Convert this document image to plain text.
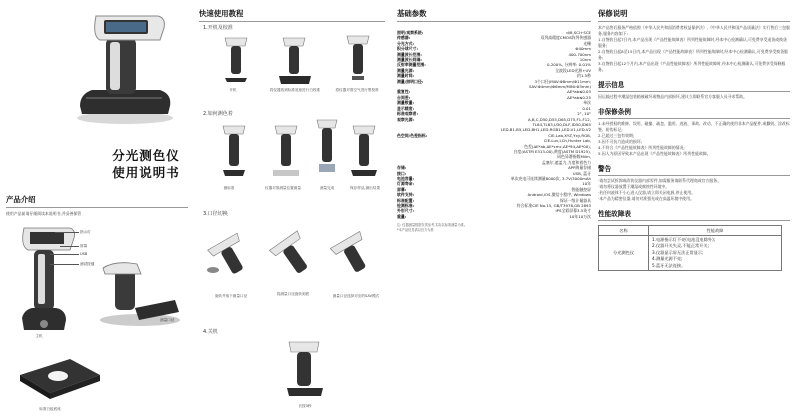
分光测色仪
使用说明书
产品介绍
使用产品前请仔细阅读本说明书,并妥善保管
指示灯
屏幕
USB
测试按键
测量口径
主机
标准白板底座
快速使用教程
1.开机及校准
开机	将仪器放到标准底座进行白校准	将仪器对准空气进行黑校准
2.如何测色着
测标准	仪器对准测量位置测量	测量完成	保存样品,测出结果
3.口径切换
旋转并取下测量口径	将测量口径旋转到底	测量口径选择对应的SAV模式
4.关机
长按3秒
基础参数
照明/观察系统:	d/8,SCI+SCE
传感器:	双列高精度CMOS阵列传感器
分光方式:	光栅
积分球尺寸:	Φ40mm
测量波长范围:	400-700nm
测量波长间隔:	10nm
反射率测量范围:	0-200%, 分辨率: 0.01%
测量光源:	全波段LED光源+UV
测量时间:	约1.5秒
测量/照明口径:	3个口径(MAV:Φ8mm/Φ11mm;
SAV:Φ4mm/Φ6mm/MINI:Φ3mm)
重复性:	ΔE*ab≤0.03
台间差:	ΔE*ab≤0.25
测量数量:	单次
显示精度:	0.01
标准观察者:	2°, 10°
观察光源:	A,B,C,D50,D55,D65,D75,F1-F12,
TL84,TL83,U30,DLF,ID50,ID65
LED-B1-B5,LED-BH1,LED-RGB1,LED-V1,LED-V2
色空间/色差指标:	CIE-Lab,XYZ,Yxy,RGB,
CIE-Luv,LCh,Hunter Lab,
色差(ΔE*ab,ΔE*cmc,ΔE*94,ΔE*00),
白度(ASTM E313-00),黄度(ASTM D1925),
同色异谱指数Milm,
孟塞尔,遮盖力,力度和着色力
存储:	APP海量存储
接口:	USB, 蓝牙
电池容量:	单次充电可连续测量8000次, 3.7V/3000mAh
灯源寿命:	10年
屏幕:	智能触控屏
软件支持:	Android,iOS,微信小程序, Windows
标准配置:	保证一级计量器具
检测标准:	符合标准CIE No.15, GB/T3978,GB 2893
外形尺寸:	IPS全彩屏幕3.5英寸
重量:	10年10万次
注: 仪器测量数据仅供参考,实际以标准测量为准。
*本产品信息请以官方为准
保修说明
本产品售后服务严格依照《中华人民共和国消费者权益保护法》,《中华人民共和国产品质量法》实行售后三包服务,服务内容如下:
1.自签收日起7日内,本产品出现《产品性能故障表》所列性能故障时,经本中心检测确认,可免费享受退货或换货服务;
2.自签收日起8至15日内,本产品出现《产品性能故障表》所列性能故障时,经本中心检测确认,可免费享受换货服务;
3.自签收日起12个月内,本产品出现《产品性能故障表》所列性能故障时,经本中心检测确认,可免费享受保修服务。
提示信息
因运输过程中潮湿包装箱被破坏或物品内部损坏,建议立即联系官方客服人员寻求帮助。
非保修条例
1.未经授权的维修、误用、碰撞、疏忽、滥用、进液、事故、改动、不正确的使用非本产品配件,或撕毁、涂改标签、防伪标记;
2.已超过三包有效期;
3.因不可抗力造成的损坏;
4.不符合《产品性能故障表》所列性能故障的情况;
5.因人为原因导致本产品出现《产品性能故障表》所列性能故障。
警告
·请勿尝试拆卸或改装仪器内部零件,如需服务请联系代理商或官方服务。
·请勿将仪器放置于潮湿或腐蚀性环境中。
·若任何液体不小心进入仪器,请立即关闭电源,停止使用。
·本产品为精密仪器,请勿对准强光或在高温环境中使用。
性能故障表
名称	性能故障
分光测色仪	1.电源指示灯不亮(电池没电除外);
2.仪器开关失灵,不能正常开关;
3.仪器显示屏无法正常显示;
4.测量光源不亮;
5.蓝牙无法连接。
